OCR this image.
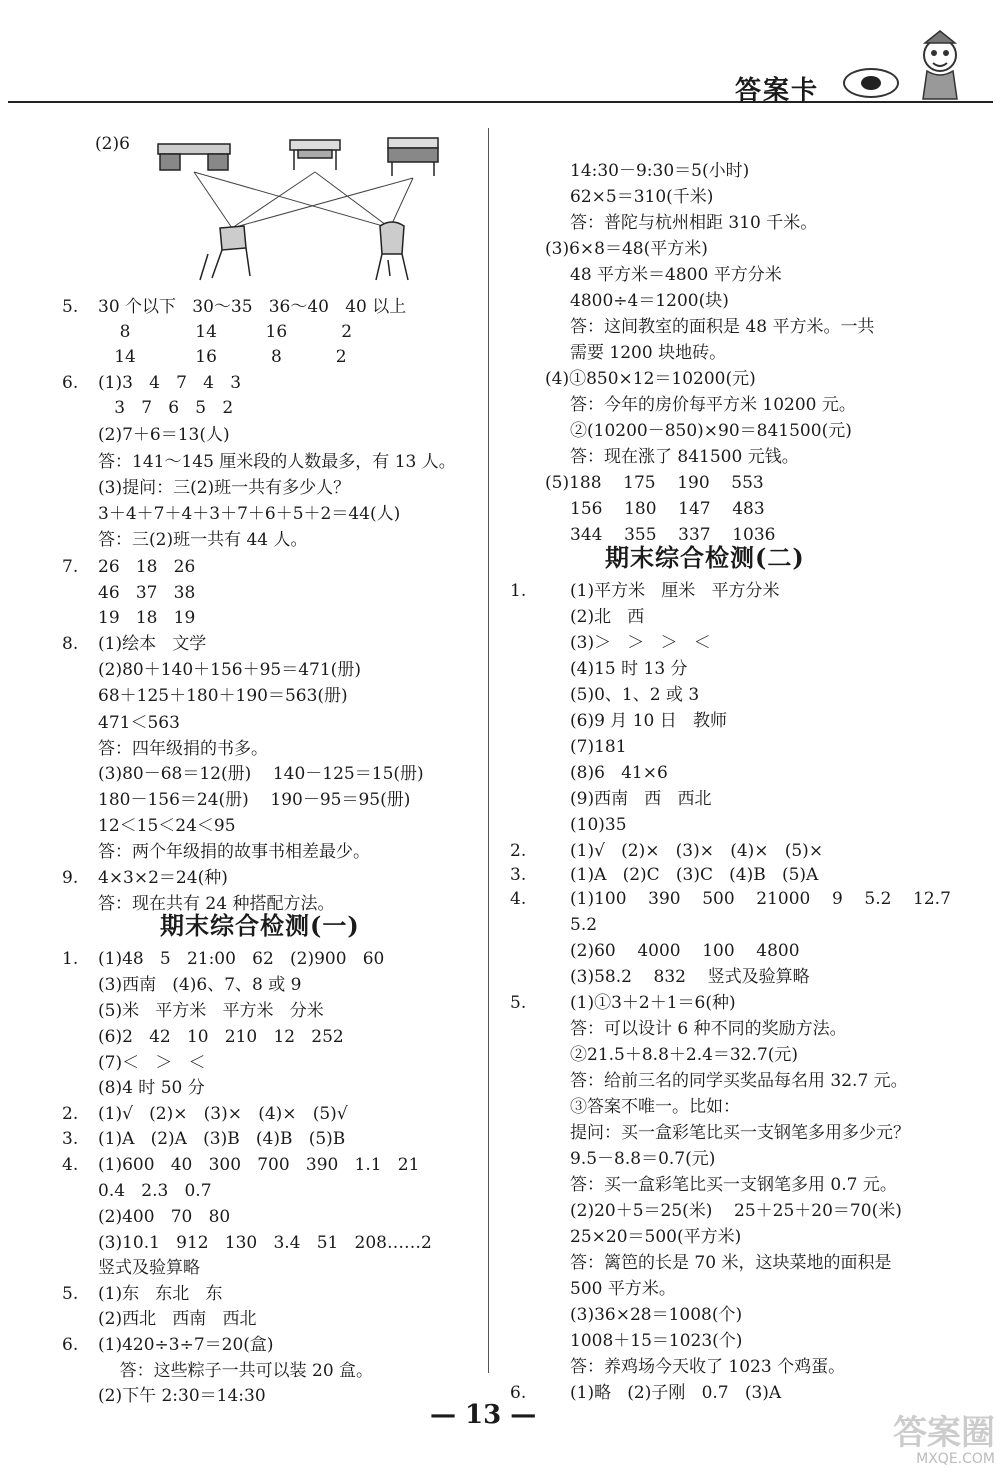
答案卡
(2)6
5. 30 个以下   30～35   36～40   40 以上
8            14         16          2
14           16          8          2
6. (1)3   4   7   4   3
3   7   6   5   2
(2)7＋6＝13(人)
答：141～145 厘米段的人数最多，有 13 人。
(3)提问：三(2)班一共有多少人？
3＋4＋7＋4＋3＋7＋6＋5＋2＝44(人)
答：三(2)班一共有 44 人。
7. 26   18   26
46   37   38
19   18   19
8. (1)绘本   文学
(2)80＋140＋156＋95＝471(册)
68＋125＋180＋190＝563(册)
471＜563
答：四年级捐的书多。
(3)80－68＝12(册)    140－125＝15(册)
180－156＝24(册)    190－95＝95(册)
12＜15＜24＜95
答：两个年级捐的故事书相差最少。
9. 4×3×2＝24(种)
答：现在共有 24 种搭配方法。
1. (1)48   5   21:00   62   (2)900   60
(3)西南   (4)6、7、8 或 9
(5)米   平方米   平方米   分米
(6)2   42   10   210   12   252
(7)＜   ＞   ＜
(8)4 时 50 分
2. (1)√   (2)×   (3)×   (4)×   (5)√
3. (1)A   (2)A   (3)B   (4)B   (5)B
4. (1)600   40   300   700   390   1.1   21
0.4   2.3   0.7
(2)400   70   80
(3)10.1   912   130   3.4   51   208……2
竖式及验算略
5. (1)东   东北   东
(2)西北   西南   西北
6. (1)420÷3÷7＝20(盒)
答：这些粽子一共可以装 20 盒。
(2)下午 2:30＝14:30
14:30－9:30＝5(小时)
62×5＝310(千米)
答：普陀与杭州相距 310 千米。
(3)6×8＝48(平方米)
48 平方米＝4800 平方分米
4800÷4＝1200(块)
答：这间教室的面积是 48 平方米。一共
需要 1200 块地砖。
(4)①850×12＝10200(元)
答：今年的房价每平方米 10200 元。
②(10200－850)×90＝841500(元)
答：现在涨了 841500 元钱。
(5)188    175    190    553
156    180    147    483
344    355    337    1036
1.	(1)平方米   厘米   平方分米
(2)北   西
(3)＞   ＞   ＞   ＜
(4)15 时 13 分
(5)0、1、2 或 3
(6)9 月 10 日   教师
(7)181
(8)6   41×6
(9)西南   西   西北
(10)35
2.	(1)√   (2)×   (3)×   (4)×   (5)×
3.	(1)A   (2)C   (3)C   (4)B   (5)A
4.	(1)100    390    500    21000    9    5.2    12.7
5.2
(2)60    4000    100    4800
(3)58.2    832    竖式及验算略
5.	(1)①3＋2＋1＝6(种)
答：可以设计 6 种不同的奖励方法。
②21.5＋8.8＋2.4＝32.7(元)
答：给前三名的同学买奖品每名用 32.7 元。
③答案不唯一。比如：
提问：买一盒彩笔比买一支钢笔多用多少元？
9.5－8.8＝0.7(元)
答：买一盒彩笔比买一支钢笔多用 0.7 元。
(2)20＋5＝25(米)    25＋25＋20＝70(米)
25×20＝500(平方米)
答：篱笆的长是 70 米，这块菜地的面积是
500 平方米。
(3)36×28＝1008(个)
1008＋15＝1023(个)
答：养鸡场今天收了 1023 个鸡蛋。
6.	(1)略   (2)子刚   0.7   (3)A
期末综合检测(一)
期末综合检测(二)
— 13 —	答案圈
MXQE.COM
